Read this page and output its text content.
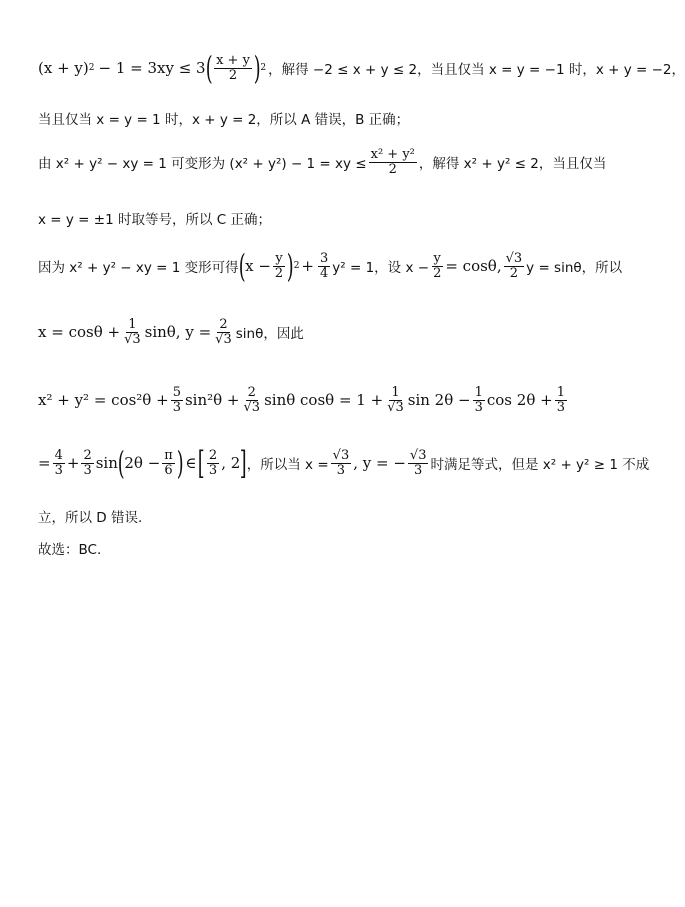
(x + y) 2 − 1 = 3xy ≤ 3 ( $\frac{x + y}{2}$ ) 2 ，解得 −2 ≤ x + y ≤ 2，当且仅当 x = y = −1 时，x + y = −2，
当且仅当 x = y = 1 时，x + y = 2，所以 A 错误，B 正确；
由 x² + y² − xy = 1 可变形为 (x² + y²) − 1 = xy ≤ $\frac{\text{x² + y²}}{2}$ ，解得 x² + y² ≤ 2，当且仅当
x = y = ±1 时取等号，所以 C 正确；
因为 x² + y² − xy = 1 变形可得 ( $x - \frac{y}{2}$ ) $2 + \frac{3}{4} y^2 = 1$，设 $x - \frac{y}{2} = \cos\theta$, $\frac{√3}{2}$ y = sinθ，所以
$x = \cos\theta + \frac{1}{√3} \sin\theta$, $y = \frac{2}{√3}$ sinθ，因此
$x^2 + y^2 = \cos^2\theta + \frac{5}{3} \sin^2\theta + \frac{2}{√3}$ sinθ $\cos\theta = 1 + \frac{1}{√3}$ $\sin 2\theta - \frac{1}{3}$ $\cos 2\theta + \frac{1}{3}$
= $\frac{4}{3} + \frac{2}{3}$ sin ( $2\theta - \frac{\pi}{6}$ ) ∈ [ $\frac{2}{3}$ , 2 ] ，所以当 $x = \frac{√3}{3}$ , y = − $\frac{√3}{3}$ 时满足等式，但是 x² + y² ≥ 1 不成
立，所以 D 错误.
故选：BC.
